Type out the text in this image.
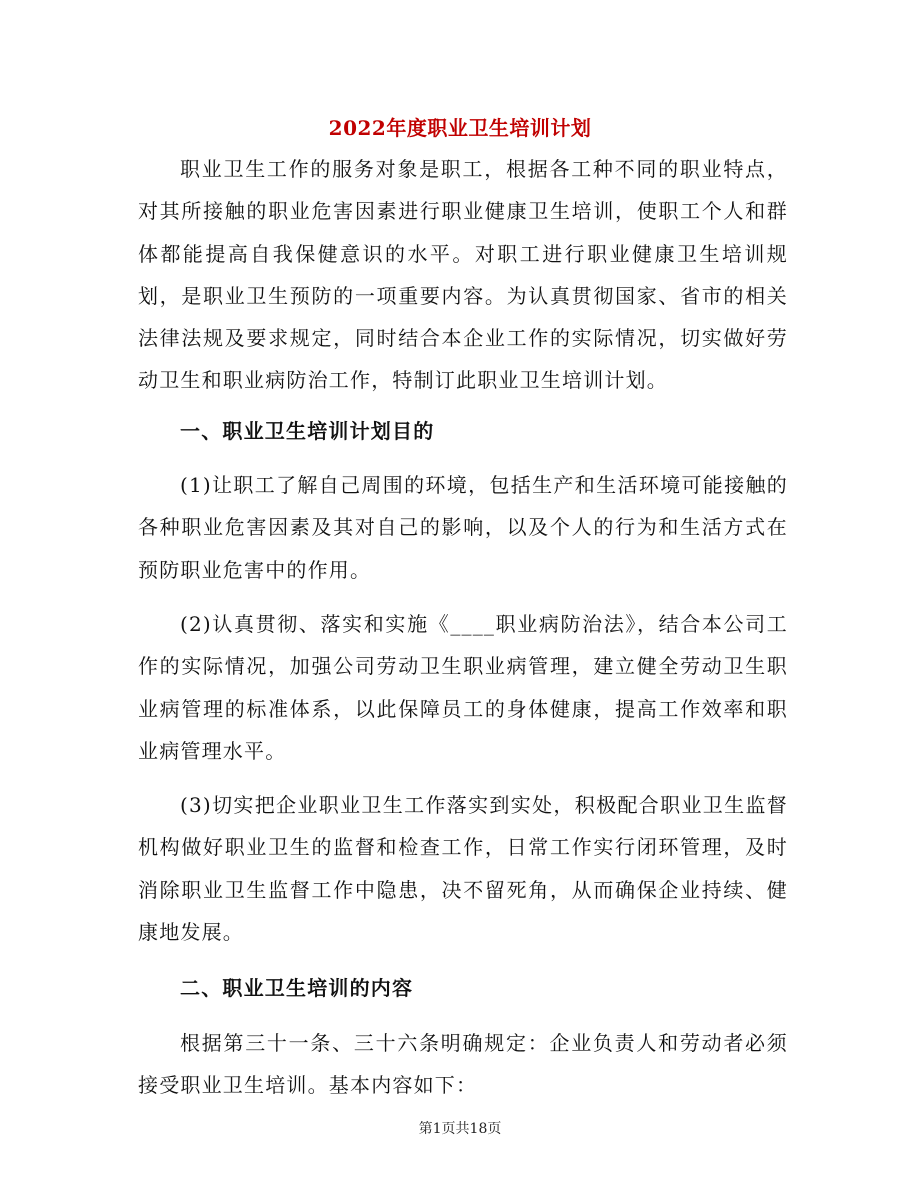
2022年度职业卫生培训计划

职业卫生工作的服务对象是职工，根据各工种不同的职业特点，对其所接触的职业危害因素进行职业健康卫生培训，使职工个人和群体都能提高自我保健意识的水平。对职工进行职业健康卫生培训规划，是职业卫生预防的一项重要内容。为认真贯彻国家、省市的相关法律法规及要求规定，同时结合本企业工作的实际情况，切实做好劳动卫生和职业病防治工作，特制订此职业卫生培训计划。

一、职业卫生培训计划目的

(1)让职工了解自己周围的环境，包括生产和生活环境可能接触的各种职业危害因素及其对自己的影响，以及个人的行为和生活方式在预防职业危害中的作用。

(2)认真贯彻、落实和实施《____职业病防治法》，结合本公司工作的实际情况，加强公司劳动卫生职业病管理，建立健全劳动卫生职业病管理的标准体系，以此保障员工的身体健康，提高工作效率和职业病管理水平。

(3)切实把企业职业卫生工作落实到实处，积极配合职业卫生监督机构做好职业卫生的监督和检查工作，日常工作实行闭环管理，及时消除职业卫生监督工作中隐患，决不留死角，从而确保企业持续、健康地发展。

二、职业卫生培训的内容

根据第三十一条、三十六条明确规定：企业负责人和劳动者必须接受职业卫生培训。基本内容如下：

第1页共18页
